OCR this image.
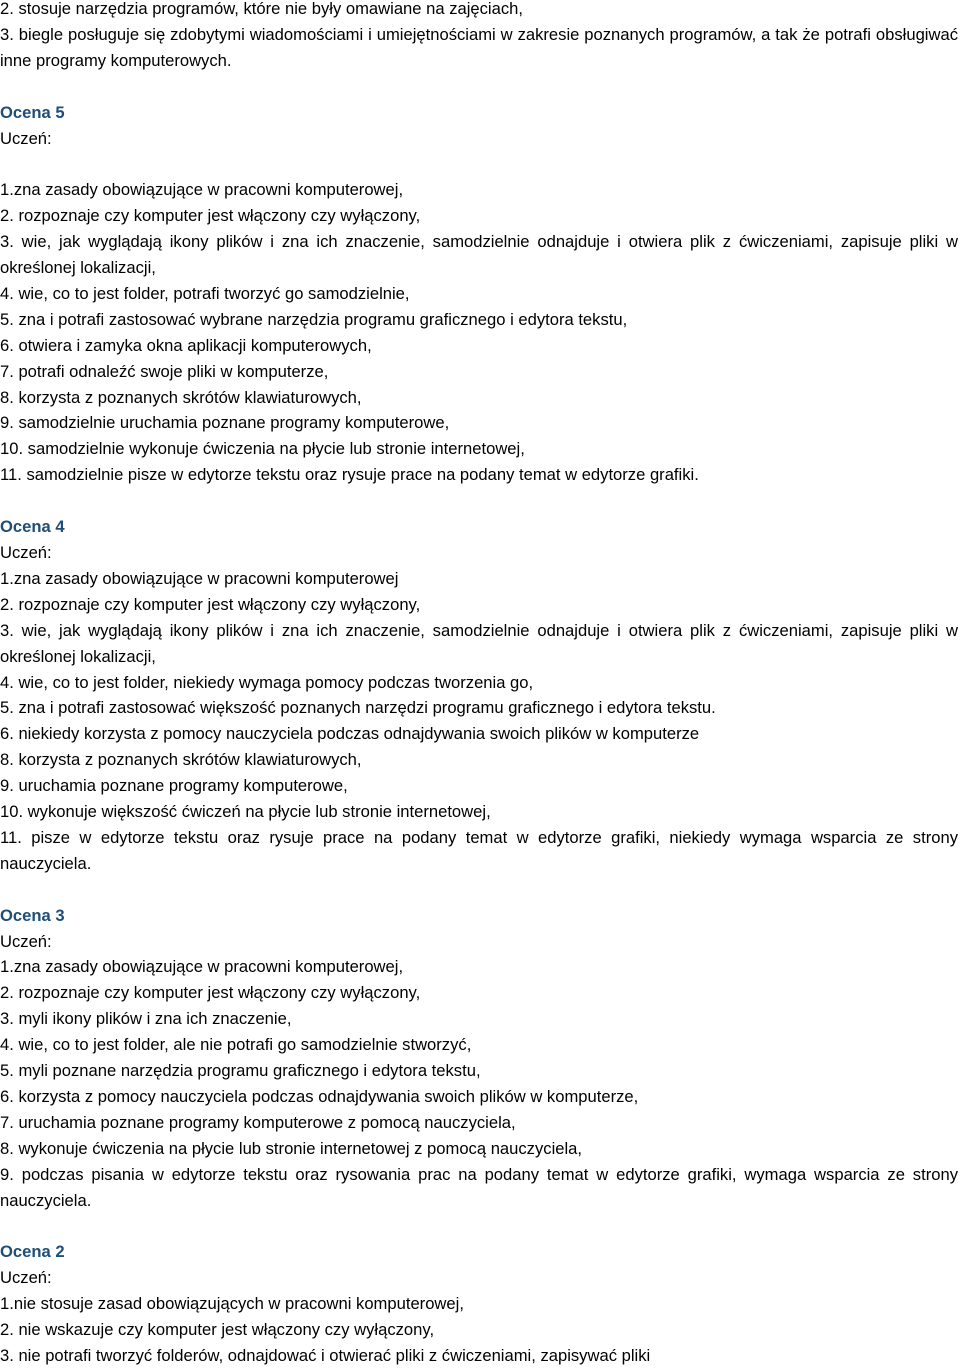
2. stosuje narzędzia programów, które nie były omawiane na zajęciach,
3. biegle posługuje się zdobytymi wiadomościami i umiejętnościami w zakresie poznanych programów, a tak że potrafi obsługiwać inne programy komputerowych.
Ocena 5
Uczeń:
1.zna zasady obowiązujące w pracowni komputerowej,
2. rozpoznaje czy komputer jest włączony czy wyłączony,
3. wie, jak wyglądają ikony plików i zna ich znaczenie, samodzielnie odnajduje i otwiera plik z ćwiczeniami, zapisuje pliki w określonej lokalizacji,
4. wie, co to jest folder, potrafi tworzyć go samodzielnie,
5. zna i potrafi zastosować wybrane narzędzia programu graficznego i edytora tekstu,
6. otwiera i zamyka okna aplikacji komputerowych,
7. potrafi odnaleźć swoje pliki w komputerze,
8. korzysta z poznanych skrótów klawiaturowych,
9. samodzielnie uruchamia poznane programy komputerowe,
10. samodzielnie wykonuje ćwiczenia na płycie lub stronie internetowej,
11. samodzielnie pisze w edytorze tekstu oraz rysuje prace na podany temat w edytorze grafiki.
Ocena 4
Uczeń:
1.zna zasady obowiązujące w pracowni komputerowej
2. rozpoznaje czy komputer jest włączony czy wyłączony,
3. wie, jak wyglądają ikony plików i zna ich znaczenie, samodzielnie odnajduje i otwiera plik z ćwiczeniami, zapisuje pliki w określonej lokalizacji,
4. wie, co to jest folder, niekiedy wymaga pomocy podczas tworzenia go,
5. zna i potrafi zastosować większość poznanych narzędzi programu graficznego i edytora tekstu.
6. niekiedy korzysta z pomocy nauczyciela podczas odnajdywania swoich plików w komputerze
8. korzysta z poznanych skrótów klawiaturowych,
9. uruchamia poznane programy komputerowe,
10. wykonuje większość ćwiczeń na płycie lub stronie internetowej,
11. pisze w edytorze tekstu oraz rysuje prace na podany temat w edytorze grafiki, niekiedy wymaga wsparcia ze strony nauczyciela.
Ocena 3
Uczeń:
1.zna zasady obowiązujące w pracowni komputerowej,
2. rozpoznaje czy komputer jest włączony czy wyłączony,
3. myli ikony plików i zna ich znaczenie,
4. wie, co to jest folder, ale nie potrafi go samodzielnie stworzyć,
5. myli poznane narzędzia programu graficznego i edytora tekstu,
6. korzysta z pomocy nauczyciela podczas odnajdywania swoich plików w komputerze,
7. uruchamia poznane programy komputerowe z pomocą nauczyciela,
8. wykonuje ćwiczenia na płycie lub stronie internetowej z pomocą nauczyciela,
9. podczas pisania w edytorze tekstu oraz rysowania prac na podany temat w edytorze grafiki, wymaga wsparcia ze strony nauczyciela.
Ocena 2
Uczeń:
1.nie stosuje zasad obowiązujących w pracowni komputerowej,
2. nie wskazuje czy komputer jest włączony czy wyłączony,
3. nie potrafi tworzyć folderów, odnajdować i otwierać pliki z ćwiczeniami, zapisywać pliki
